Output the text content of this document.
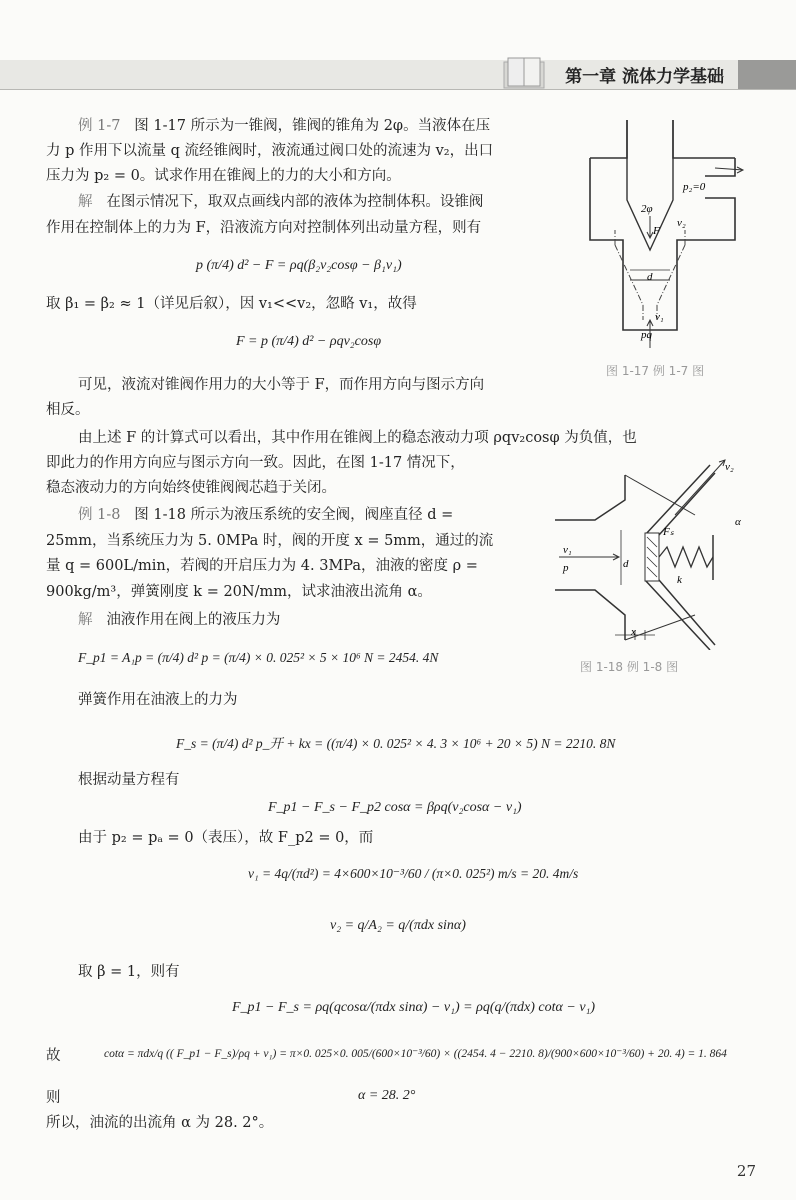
第一章 流体力学基础
例 1-7 图 1-17 所示为一锥阀，锥阀的锥角为 2φ。当液体在压
力 p 作用下以流量 q 流经锥阀时，液流通过阀口处的流速为 v₂，出口
压力为 p₂ = 0。试求作用在锥阀上的力的大小和方向。
解 在图示情况下，取双点画线内部的液体为控制体积。设锥阀
作用在控制体上的力为 F，沿液流方向对控制体列出动量方程，则有
p (π/4) d² − F = ρq(β₂v₂cosφ − β₁v₁)
取 β₁ = β₂ ≈ 1（详见后叙），因 v₁<<v₂，忽略 v₁，故得
F = p (π/4) d² − ρqv₂cosφ
可见，液流对锥阀作用力的大小等于 F，而作用方向与图示方向
相反。
由上述 F 的计算式可以看出，其中作用在锥阀上的稳态液动力项 ρqv₂cosφ 为负值，也
即此力的作用方向应与图示方向一致。因此，在图 1-17 情况下，
稳态液动力的方向始终使锥阀阀芯趋于关闭。
p₂=0
2φ
v₂
F
d
v₁
pq
图 1-17 例 1-7 图
例 1-8 图 1-18 所示为液压系统的安全阀，阀座直径 d =
25mm，当系统压力为 5. 0MPa 时，阀的开度 x = 5mm，通过的流
量 q = 600L/min，若阀的开启压力为 4. 3MPa，油液的密度 ρ =
900kg/m³，弹簧刚度 k = 20N/mm，试求油液出流角 α。
解 油液作用在阀上的液压力为
v₂
α
Fₛ
v₁
p	d
k
x
图 1-18 例 1-8 图
F_p1 = A₁p = (π/4) d² p = (π/4) × 0. 025² × 5 × 10⁶ N = 2454. 4N
弹簧作用在油液上的力为
F_s = (π/4) d² p_开 + kx = ((π/4) × 0. 025² × 4. 3 × 10⁶ + 20 × 5) N = 2210. 8N
根据动量方程有
F_p1 − F_s − F_p2 cosα = βρq(v₂cosα − v₁)
由于 p₂ = pₐ = 0（表压），故 F_p2 = 0，而
v₁ = 4q/(πd²) = 4×600×10⁻³/60 / (π×0. 025²) m/s = 20. 4m/s
v₂ = q/A₂ = q/(πdx sinα)
取 β = 1，则有
F_p1 − F_s = ρq(qcosα/(πdx sinα) − v₁) = ρq(q/(πdx) cotα − v₁)
故	cotα = πdx/q (( F_p1 − F_s)/ρq + v₁) = π×0. 025×0. 005/(600×10⁻³/60) × ((2454. 4 − 2210. 8)/(900×600×10⁻³/60) + 20. 4) = 1. 864
则	α = 28. 2°
所以，油流的出流角 α 为 28. 2°。
27
